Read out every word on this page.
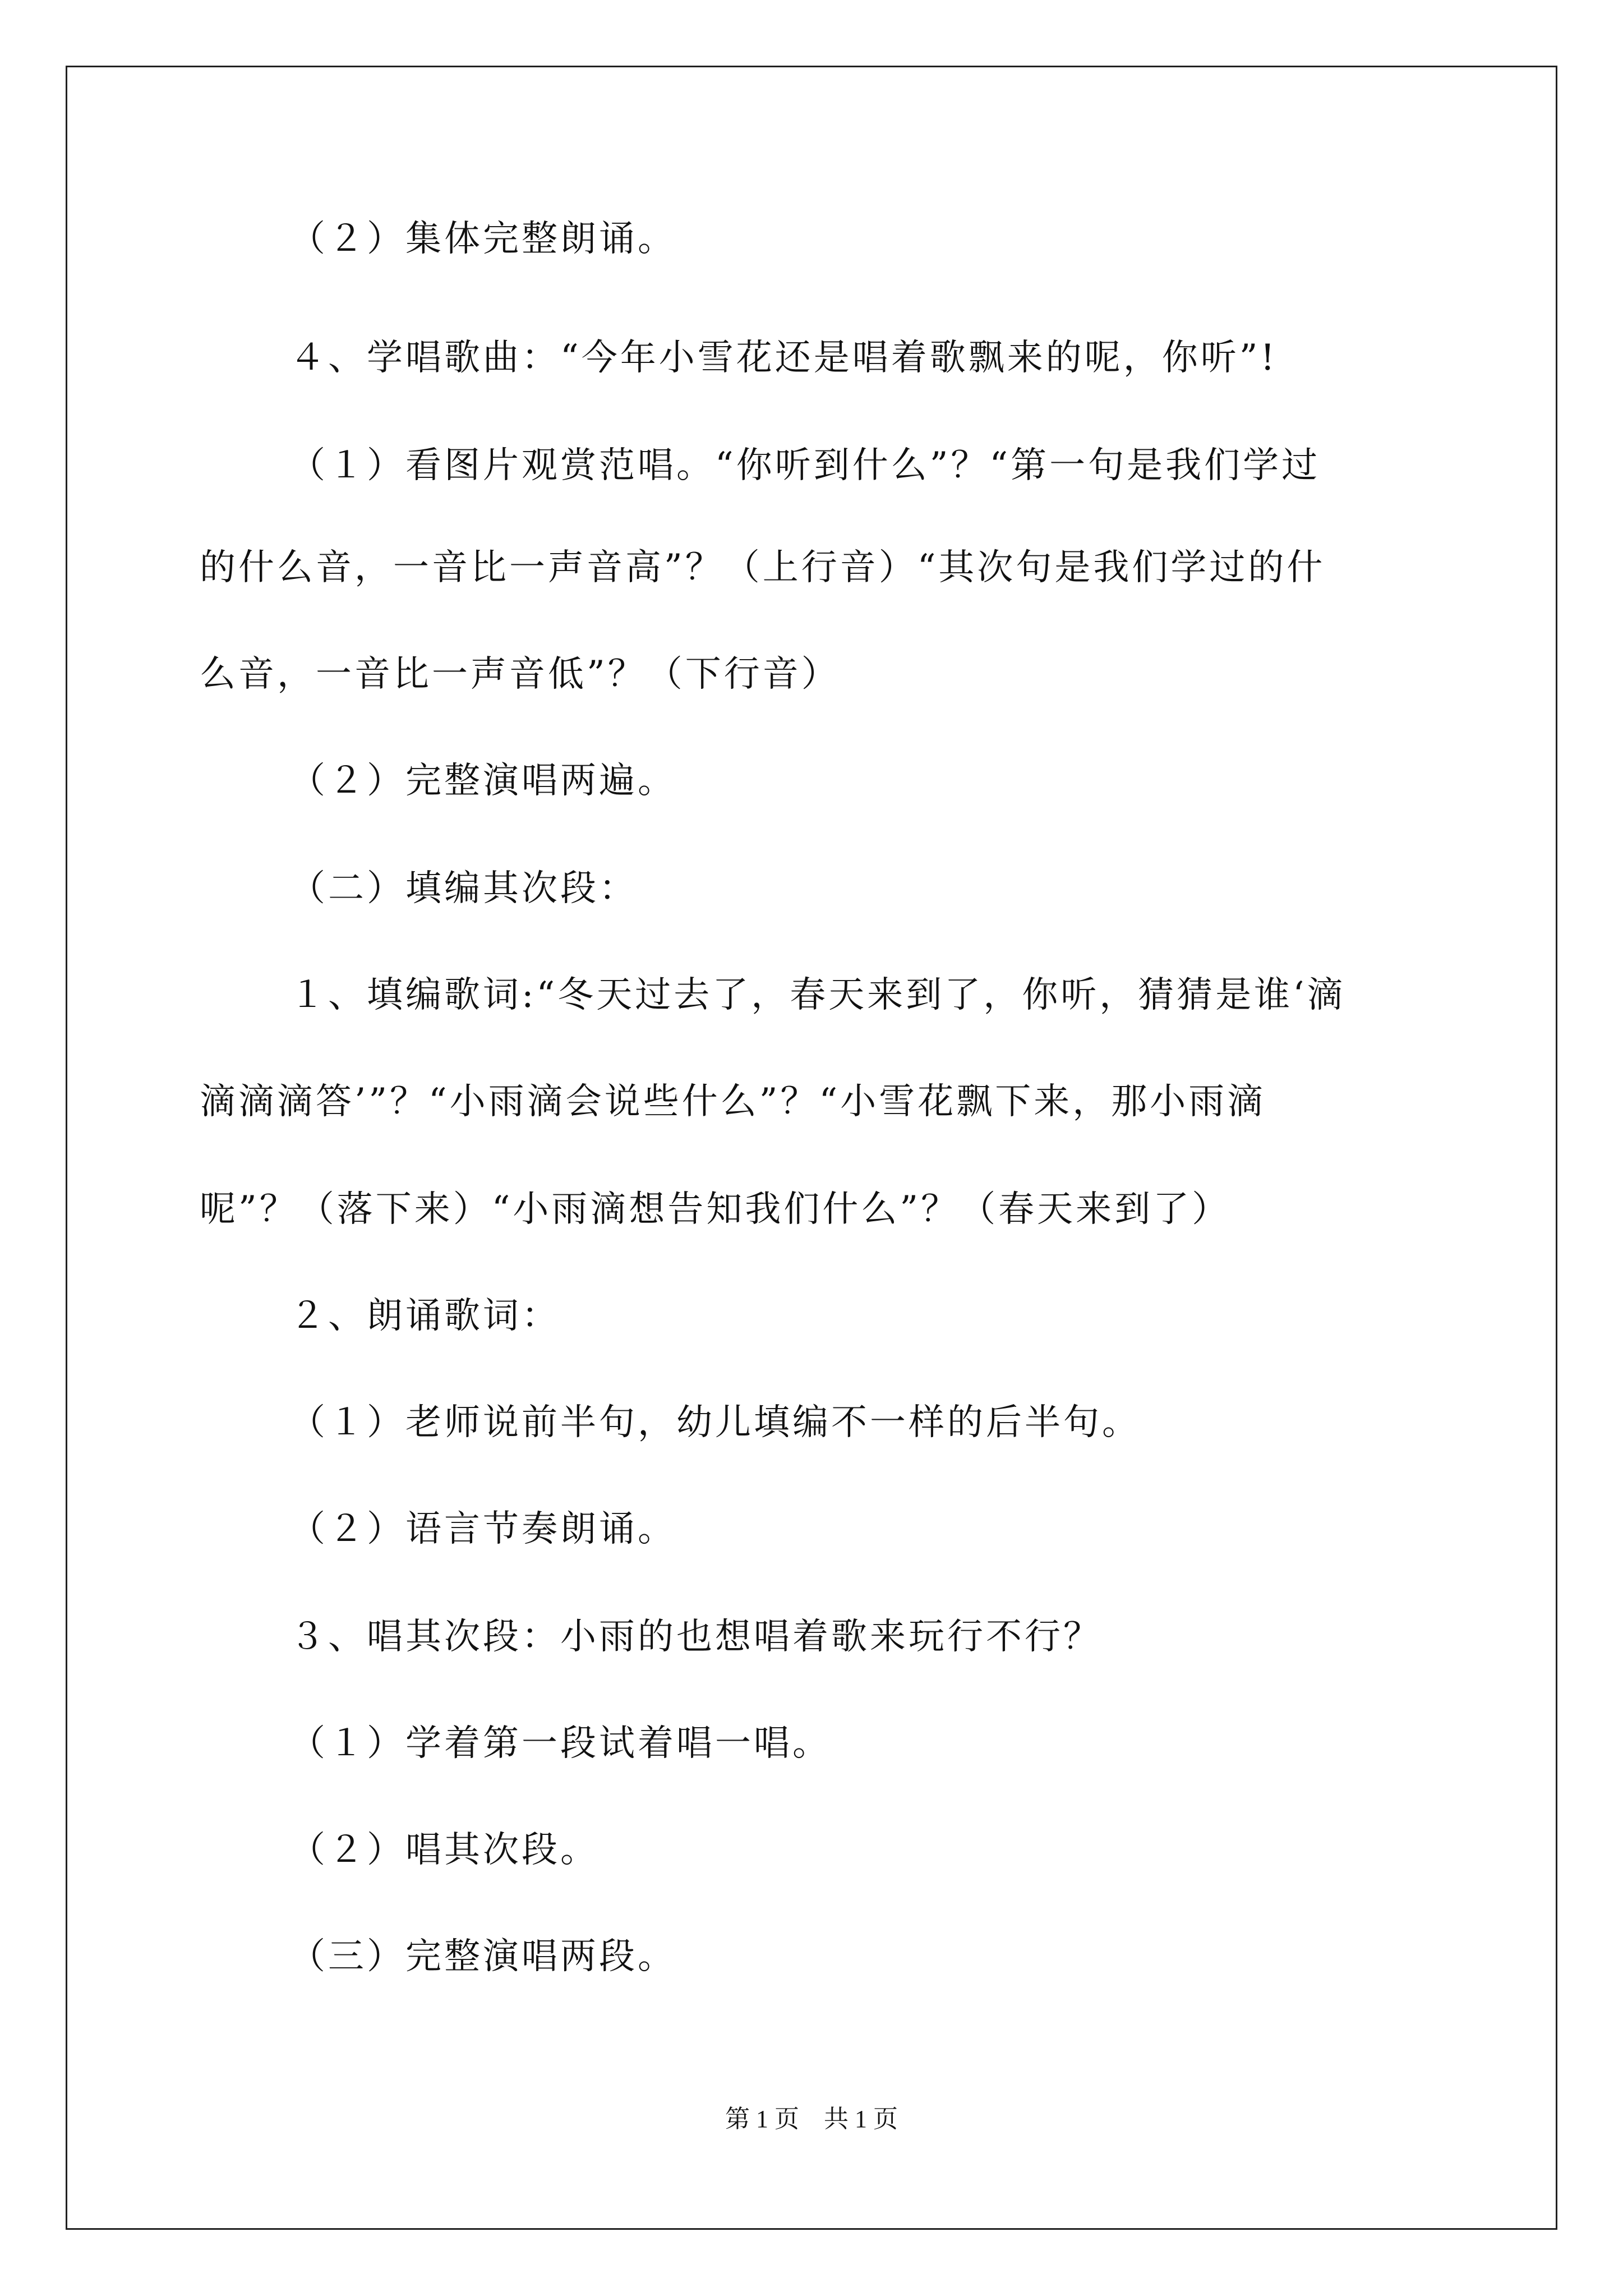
（２）集体完整朗诵。
４、学唱歌曲：“今年小雪花还是唱着歌飘来的呢，你听”!
（１）看图片观赏范唱。“你听到什么”？“第一句是我们学过
的什么音，一音比一声音高”？（上行音）“其次句是我们学过的什
么音，一音比一声音低”？（下行音）
（２）完整演唱两遍。
（二）填编其次段：
１、填编歌词:“冬天过去了，春天来到了，你听，猜猜是谁‘滴
滴滴滴答’”？“小雨滴会说些什么”？“小雪花飘下来，那小雨滴
呢”？（落下来）“小雨滴想告知我们什么”？（春天来到了）
２、朗诵歌词：
（１）老师说前半句，幼儿填编不一样的后半句。
（２）语言节奏朗诵。
３、唱其次段：小雨的也想唱着歌来玩行不行？
（１）学着第一段试着唱一唱。
（２）唱其次段。
（三）完整演唱两段。
第 1 页　共 1 页
